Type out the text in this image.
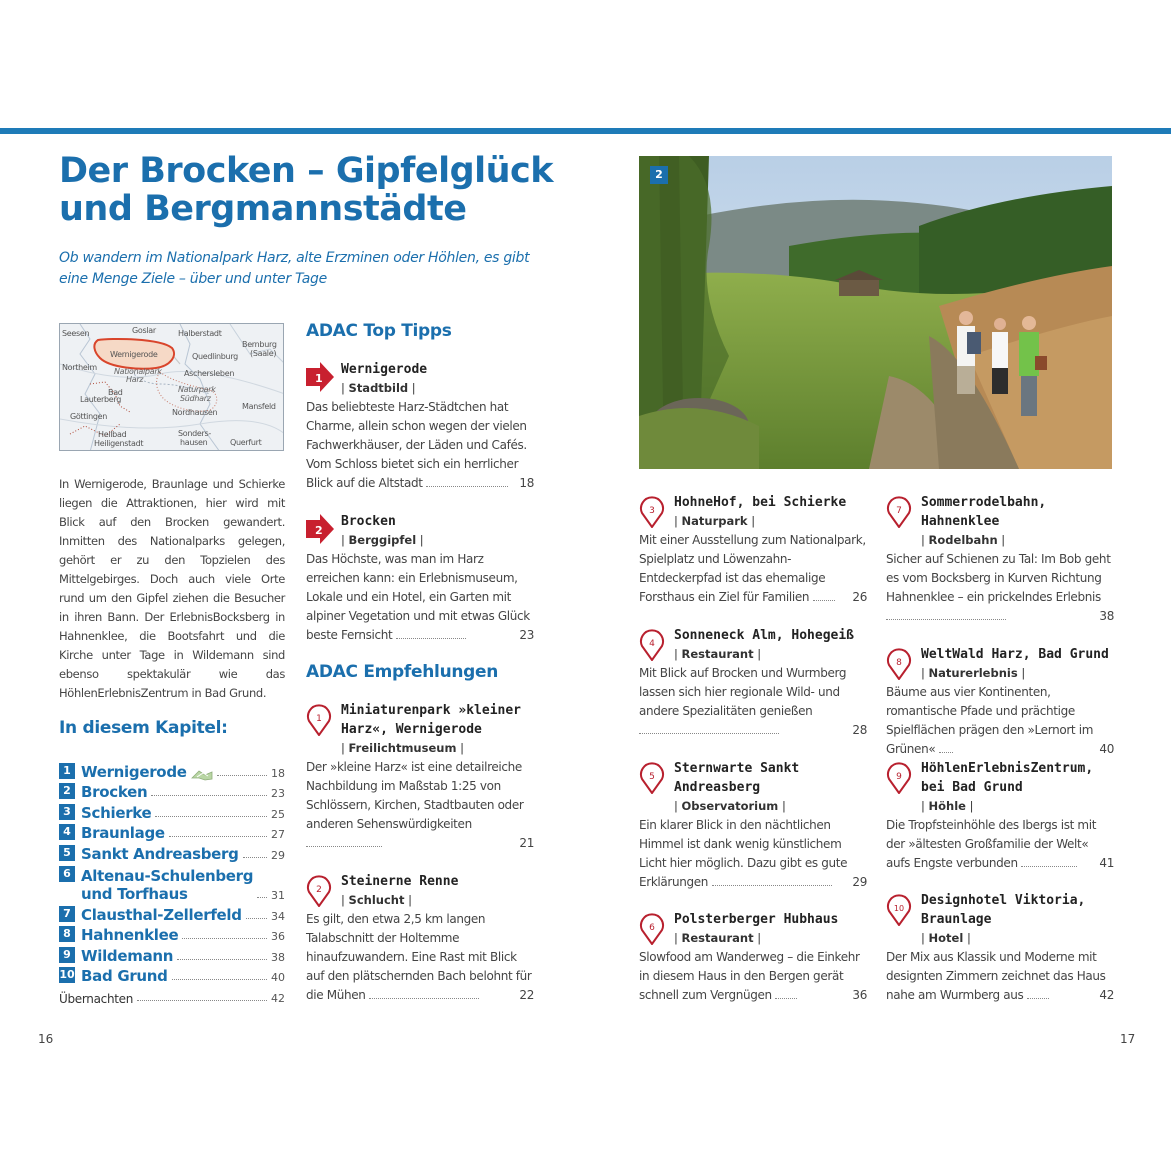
Der Brocken – Gipfelglück
und Bergmannstädte
Ob wandern im Nationalpark Harz, alte Erzminen oder Höhlen, es gibt eine Menge Ziele – über und unter Tage
Seesen	Goslar	Halberstadt
Wernigerode
Bernburg
(Saale)
Nationalpark
Harz
Quedlinburg
Northeim
Aschersleben
Naturpark
Südharz
Bad
Lauterberg
Göttingen	Nordhausen
Mansfeld
Heilbad
Heiligenstadt
Sonders-
hausen	Querfurt
In Wernigerode, Braunlage und Schierke liegen die Attraktionen, hier wird mit Blick auf den Brocken gewandert. Inmitten des Nationalparks gelegen, gehört er zu den Topzielen des Mittelgebirges. Doch auch viele Orte rund um den Gipfel ziehen die Besucher in ihren Bann. Der ErlebnisBocksberg in Hahnenklee, die Bootsfahrt und die Kirche unter Tage in Wildemann sind ebenso spektakulär wie das HöhlenErlebnisZentrum in Bad Grund.
In diesem Kapitel:
1 Wernigerode	18
2 Brocken	23
3 Schierke	25
4 Braunlage	27
5 Sankt Andreasberg	29
6 Altenau-Schulenberg
und Torfhaus	31
7 Clausthal-Zellerfeld	34
8 Hahnenklee	36
9 Wildemann	38
10 Bad Grund	40
Übernachten	42
ADAC Top Tipps
1
Wernigerode
| Stadtbild |
Das beliebteste Harz-Städtchen hat Charme, allein schon wegen der vielen Fachwerkhäuser, der Läden und Cafés. Vom Schloss bietet sich ein herrlicher Blick auf die Altstadt	18
2
Brocken
| Berggipfel |
Das Höchste, was man im Harz erreichen kann: ein Erlebnismuseum, Lokale und ein Hotel, ein Garten mit alpiner Vegetation und mit etwas Glück beste Fernsicht	23
ADAC Empfehlungen
1
Miniaturenpark »kleiner
Harz«, Wernigerode
| Freilichtmuseum |
Der »kleine Harz« ist eine detailreiche Nachbildung im Maßstab 1:25 von Schlössern, Kirchen, Stadtbauten oder anderen Sehenswürdigkeiten
21
2
Steinerne Renne
| Schlucht |
Es gilt, den etwa 2,5 km langen Talabschnitt der Holtemme hinaufzuwandern. Eine Rast mit Blick auf den plätschernden Bach belohnt für die Mühen	22
2
3
HohneHof, bei Schierke
| Naturpark |
Mit einer Ausstellung zum Nationalpark, Spielplatz und Löwenzahn-Entdeckerpfad ist das ehemalige Forsthaus ein Ziel für Familien	26
4
Sonneneck Alm, Hohegeiß
| Restaurant |
Mit Blick auf Brocken und Wurmberg lassen sich hier regionale Wild- und andere Spezialitäten genießen
28
5
Sternwarte Sankt
Andreasberg
| Observatorium |
Ein klarer Blick in den nächtlichen Himmel ist dank wenig künstlichem Licht hier möglich. Dazu gibt es gute Erklärungen	29
6
Polsterberger Hubhaus
| Restaurant |
Slowfood am Wanderweg – die Einkehr in diesem Haus in den Bergen gerät schnell zum Vergnügen	36
7
Sommerrodelbahn,
Hahnenklee
| Rodelbahn |
Sicher auf Schienen zu Tal: Im Bob geht es vom Bocksberg in Kurven Richtung Hahnenklee – ein prickelndes Erlebnis
38
8
WeltWald Harz, Bad Grund
| Naturerlebnis |
Bäume aus vier Kontinenten, romantische Pfade und prächtige Spielflächen prägen den »Lernort im Grünen«	40
9
HöhlenErlebnisZentrum,
bei Bad Grund
| Höhle |
Die Tropfsteinhöhle des Ibergs ist mit der »ältesten Großfamilie der Welt« aufs Engste verbunden	41
10
Designhotel Viktoria,
Braunlage
| Hotel |
Der Mix aus Klassik und Moderne mit designten Zimmern zeichnet das Haus nahe am Wurmberg aus	42
16	17
